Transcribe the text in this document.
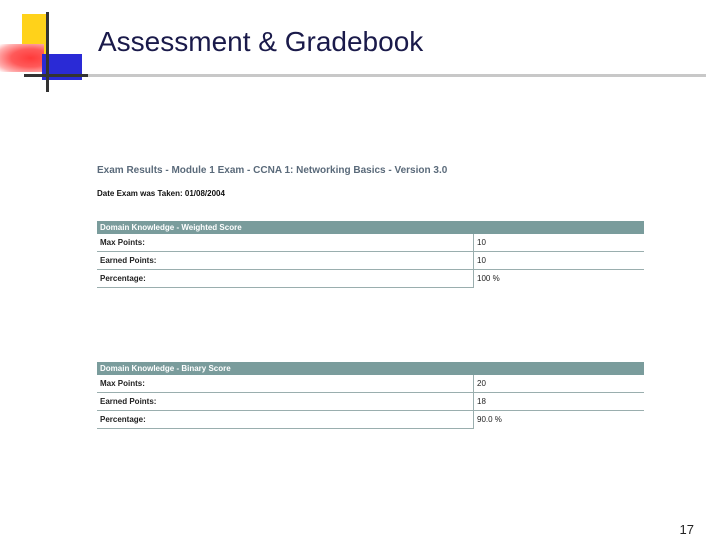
Assessment & Gradebook
Exam Results - Module 1 Exam - CCNA 1: Networking Basics - Version 3.0
Date Exam was Taken: 01/08/2004
Domain Knowledge - Weighted Score	
Max Points:	10
Earned Points:	10
Percentage:	100 %
Domain Knowledge - Binary Score	
Max Points:	20
Earned Points:	18
Percentage:	90.0 %
17
